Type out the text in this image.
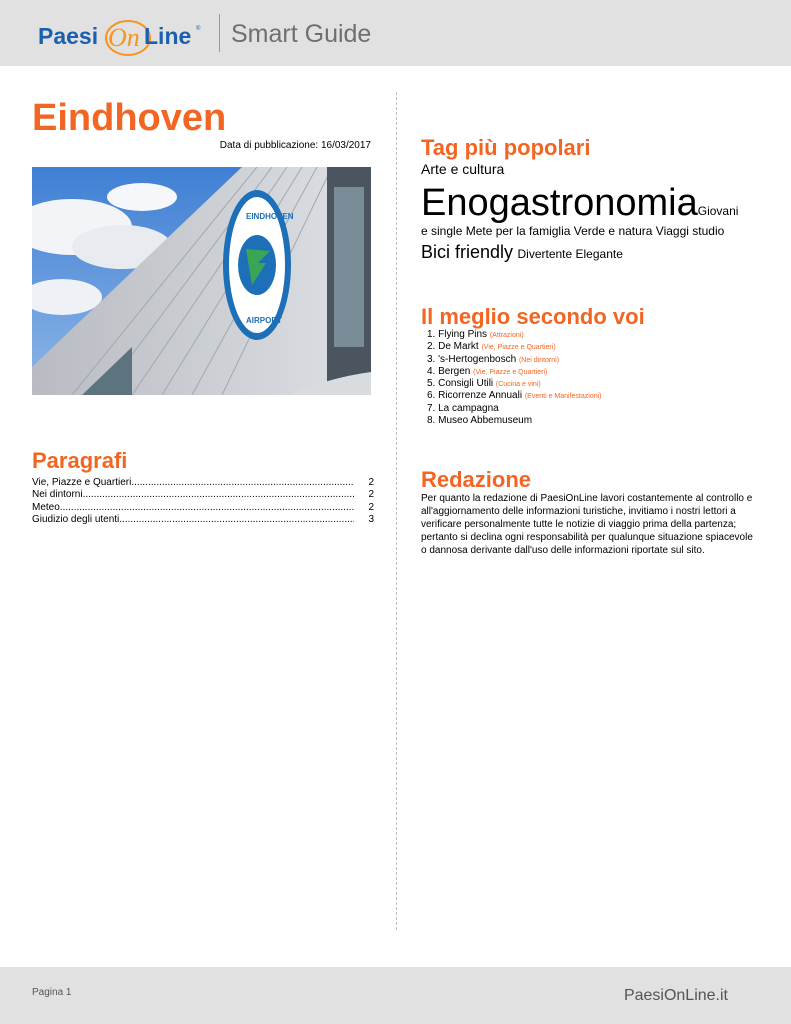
Paesi On Line ® Smart Guide
Eindhoven
Data di pubblicazione: 16/03/2017
EINDHOVEN
AIRPORT
Paragrafi
Vie, Piazze e Quartieri .....	2
Nei dintorni .....	2
Meteo .....	2
Giudizio degli utenti .....	3
Tag più popolari
Arte e cultura
EnogastronomiaGiovani
e single Mete per la famiglia Verde e natura Viaggi studio
Bici friendly Divertente Elegante
Il meglio secondo voi
1. Flying Pins (Attrazioni)
2. De Markt (Vie, Piazze e Quartieri)
3. 's-Hertogenbosch (Nei dintorni)
4. Bergen (Vie, Piazze e Quartieri)
5. Consigli Utili (Cucina e vini)
6. Ricorrenze Annuali (Eventi e Manifestazioni)
7. La campagna
8. Museo Abbemuseum
Redazione
Per quanto la redazione di PaesiOnLine lavori costantemente al controllo e all'aggiornamento delle informazioni turistiche, invitiamo i nostri lettori a verificare personalmente tutte le notizie di viaggio prima della partenza; pertanto si declina ogni responsabilità per qualunque situazione spiacevole o dannosa derivante dall'uso delle informazioni riportate sul sito.
Pagina 1	PaesiOnLine.it
